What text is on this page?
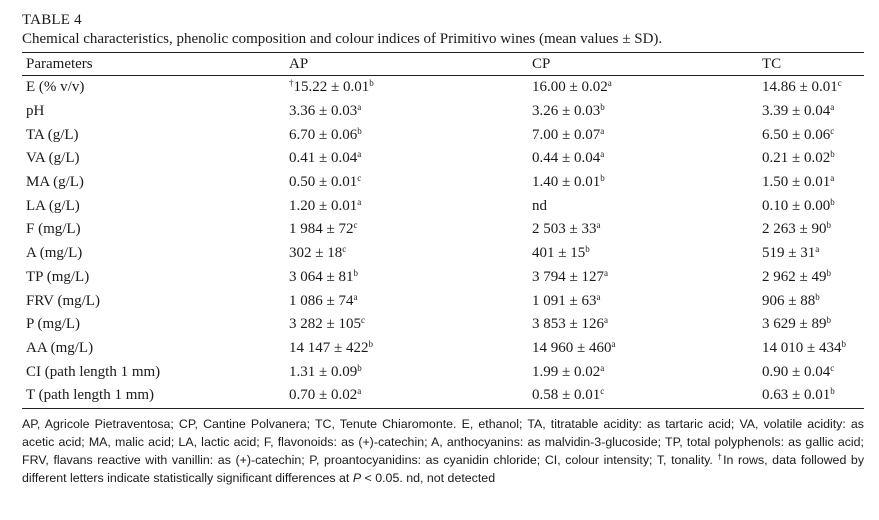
TABLE 4
Chemical characteristics, phenolic composition and colour indices of Primitivo wines (mean values ± SD).
Parameters	AP	CP	TC
E (% v/v)	†15.22 ± 0.01$^b$	16.00 ± 0.02$^a$	14.86 ± 0.01$^c$
pH	3.36 ± 0.03$^a$	3.26 ± 0.03$^b$	3.39 ± 0.04$^a$
TA (g/L)	6.70 ± 0.06$^b$	7.00 ± 0.07$^a$	6.50 ± 0.06$^c$
VA (g/L)	0.41 ± 0.04$^a$	0.44 ± 0.04$^a$	0.21 ± 0.02$^b$
MA (g/L)	0.50 ± 0.01$^c$	1.40 ± 0.01$^b$	1.50 ± 0.01$^a$
LA (g/L)	1.20 ± 0.01$^a$	nd	0.10 ± 0.00$^b$
F (mg/L)	1 $984 \pm 72^c$	2 $503 \pm 33^a$	2 $263 \pm 90^b$
A (mg/L)	$302 \pm 18^c$	$401 \pm 15^b$	$519 \pm 31^a$
TP (mg/L)	3 $064 \pm 81^b$	3 $794 \pm 127^a$	2 $962 \pm 49^b$
FRV (mg/L)	1 $086 \pm 74^a$	1 $091 \pm 63^a$	$906 \pm 88^b$
P (mg/L)	3 $282 \pm 105^c$	3 $853 \pm 126^a$	3 $629 \pm 89^b$
AA (mg/L)	14 $147 \pm 422^b$	14 $960 \pm 460^a$	14 $010 \pm 434^b$
CI (path length 1 mm)	1.31 ± 0.09$^b$	1.99 ± 0.02$^a$	0.90 ± 0.04$^c$
T (path length 1 mm)	0.70 ± 0.02$^a$	0.58 ± 0.01$^c$	0.63 ± 0.01$^b$
AP, Agricole Pietraventosa; CP, Cantine Polvanera; TC, Tenute Chiaromonte. E, ethanol; TA, titratable acidity: as tartaric acid; VA, volatile acidity: as acetic acid; MA, malic acid; LA, lactic acid; F, flavonoids: as (+)-catechin; A, anthocyanins: as malvidin-3-glucoside; TP, total polyphenols: as gallic acid; FRV, flavans reactive with vanillin: as (+)-catechin; P, proantocyanidins: as cyanidin chloride; CI, colour intensity; T, tonality. †In rows, data followed by different letters indicate statistically significant differences at P < 0.05. nd, not detected
